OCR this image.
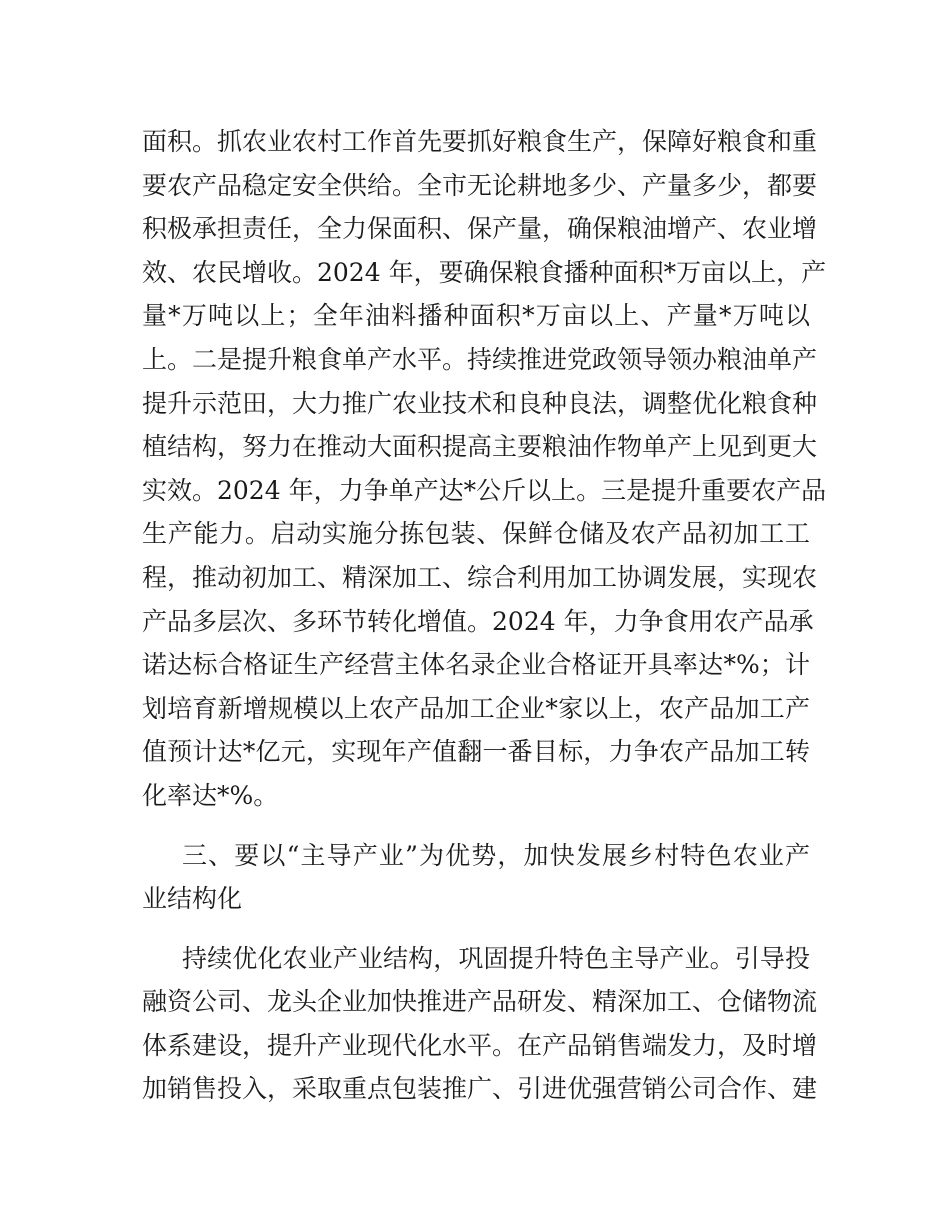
面积。抓农业农村工作首先要抓好粮食生产，保障好粮食和重
要农产品稳定安全供给。全市无论耕地多少、产量多少，都要
积极承担责任，全力保面积、保产量，确保粮油增产、农业增
效、农民增收。2024 年，要确保粮食播种面积*万亩以上，产
量*万吨以上；全年油料播种面积*万亩以上、产量*万吨以
上。二是提升粮食单产水平。持续推进党政领导领办粮油单产
提升示范田，大力推广农业技术和良种良法，调整优化粮食种
植结构，努力在推动大面积提高主要粮油作物单产上见到更大
实效。2024 年，力争单产达*公斤以上。三是提升重要农产品
生产能力。启动实施分拣包装、保鲜仓储及农产品初加工工
程，推动初加工、精深加工、综合利用加工协调发展，实现农
产品多层次、多环节转化增值。2024 年，力争食用农产品承
诺达标合格证生产经营主体名录企业合格证开具率达*%；计
划培育新增规模以上农产品加工企业*家以上，农产品加工产
值预计达*亿元，实现年产值翻一番目标，力争农产品加工转
化率达*%。
三、要以“主导产业”为优势，加快发展乡村特色农业产
业结构化
持续优化农业产业结构，巩固提升特色主导产业。引导投
融资公司、龙头企业加快推进产品研发、精深加工、仓储物流
体系建设，提升产业现代化水平。在产品销售端发力，及时增
加销售投入，采取重点包装推广、引进优强营销公司合作、建
